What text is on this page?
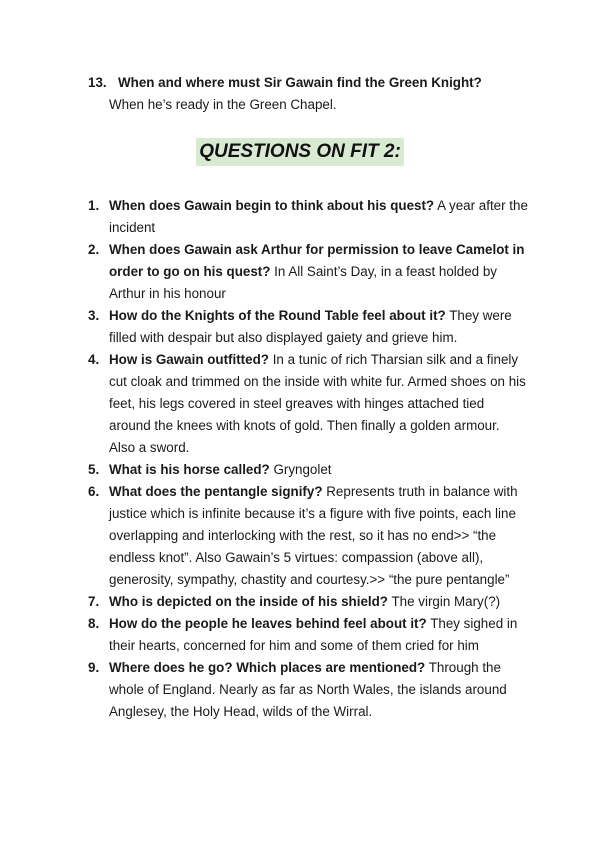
13. When and where must Sir Gawain find the Green Knight?
When he’s ready in the Green Chapel.
QUESTIONS ON FIT 2:
1. When does Gawain begin to think about his quest? A year after the incident
2. When does Gawain ask Arthur for permission to leave Camelot in order to go on his quest? In All Saint’s Day, in a feast holded by Arthur in his honour
3. How do the Knights of the Round Table feel about it? They were filled with despair but also displayed gaiety and grieve him.
4. How is Gawain outfitted? In a tunic of rich Tharsian silk and a finely cut cloak and trimmed on the inside with white fur. Armed shoes on his feet, his legs covered in steel greaves with hinges attached tied around the knees with knots of gold. Then finally a golden armour. Also a sword.
5. What is his horse called? Gryngolet
6. What does the pentangle signify? Represents truth in balance with justice which is infinite because it’s a figure with five points, each line overlapping and interlocking with the rest, so it has no end>> “the endless knot”. Also Gawain’s 5 virtues: compassion (above all), generosity, sympathy, chastity and courtesy.>> “the pure pentangle”
7. Who is depicted on the inside of his shield? The virgin Mary(?)
8. How do the people he leaves behind feel about it? They sighed in their hearts, concerned for him and some of them cried for him
9. Where does he go? Which places are mentioned? Through the whole of England. Nearly as far as North Wales, the islands around Anglesey, the Holy Head, wilds of the Wirral.
